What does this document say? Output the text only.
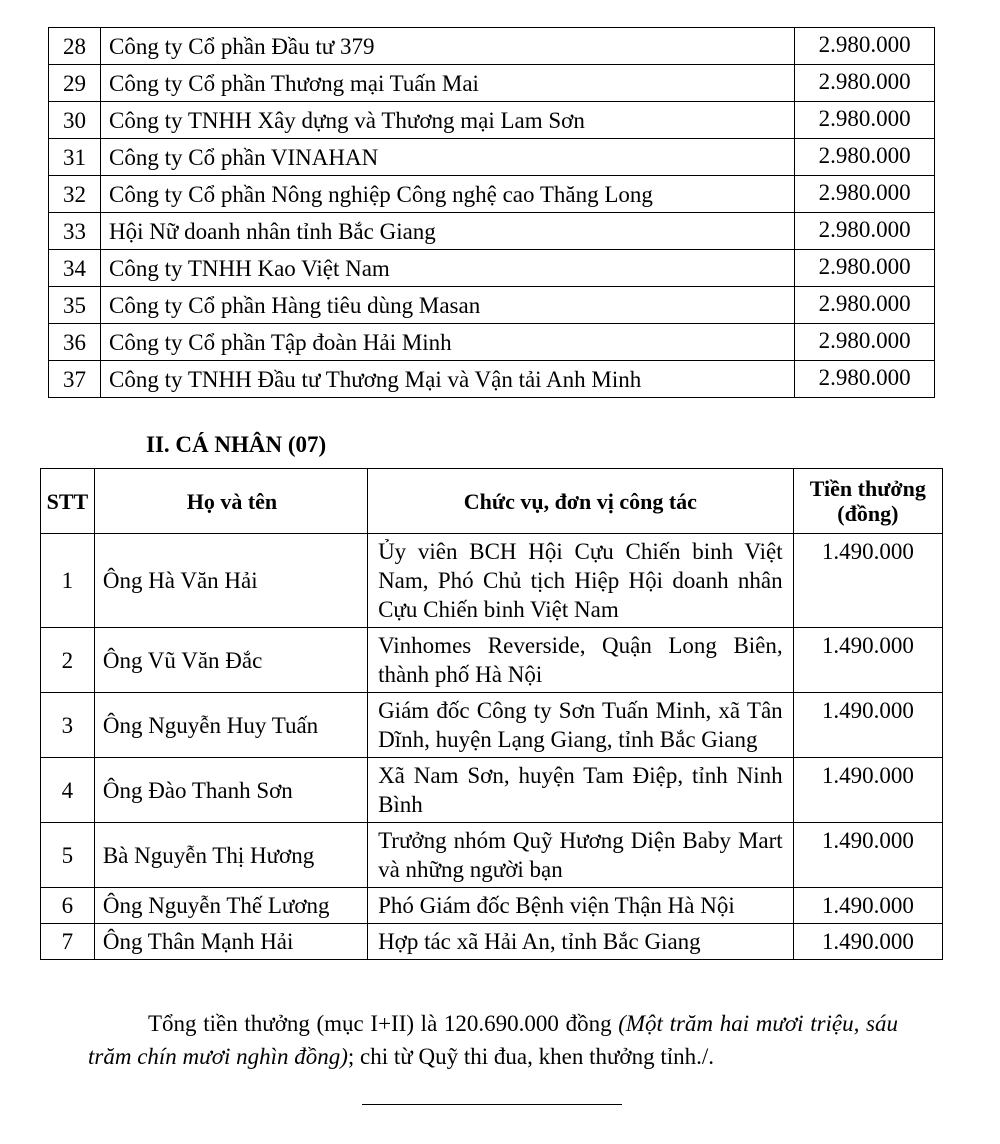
28	Công ty Cổ phần Đầu tư 379	2.980.000
29	Công ty Cổ phần Thương mại Tuấn Mai	2.980.000
30	Công ty TNHH Xây dựng và Thương mại Lam Sơn	2.980.000
31	Công ty Cổ phần VINAHAN	2.980.000
32	Công ty Cổ phần Nông nghiệp Công nghệ cao Thăng Long	2.980.000
33	Hội Nữ doanh nhân tỉnh Bắc Giang	2.980.000
34	Công ty TNHH Kao Việt Nam	2.980.000
35	Công ty Cổ phần Hàng tiêu dùng Masan	2.980.000
36	Công ty Cổ phần Tập đoàn Hải Minh	2.980.000
37	Công ty TNHH Đầu tư Thương Mại và Vận tải Anh Minh	2.980.000

II. CÁ NHÂN (07)

STT	Họ và tên	Chức vụ, đơn vị công tác	Tiền thưởng
(đồng)
1	Ông Hà Văn Hải	Ủy viên BCH Hội Cựu Chiến binh Việt Nam, Phó Chủ tịch Hiệp Hội doanh nhân Cựu Chiến binh Việt Nam	1.490.000
2	Ông Vũ Văn Đắc	Vinhomes Reverside, Quận Long Biên, thành phố Hà Nội	1.490.000
3	Ông Nguyễn Huy Tuấn	Giám đốc Công ty Sơn Tuấn Minh, xã Tân Dĩnh, huyện Lạng Giang, tỉnh Bắc Giang	1.490.000
4	Ông Đào Thanh Sơn	Xã Nam Sơn, huyện Tam Điệp, tỉnh Ninh Bình	1.490.000
5	Bà Nguyễn Thị Hương	Trưởng nhóm Quỹ Hương Diện Baby Mart và những người bạn	1.490.000
6	Ông Nguyễn Thế Lương	Phó Giám đốc Bệnh viện Thận Hà Nội	1.490.000
7	Ông Thân Mạnh Hải	Hợp tác xã Hải An, tỉnh Bắc Giang	1.490.000

Tổng tiền thưởng (mục I+II) là 120.690.000 đồng (Một trăm hai mươi triệu, sáu trăm chín mươi nghìn đồng); chi từ Quỹ thi đua, khen thưởng tỉnh./.
